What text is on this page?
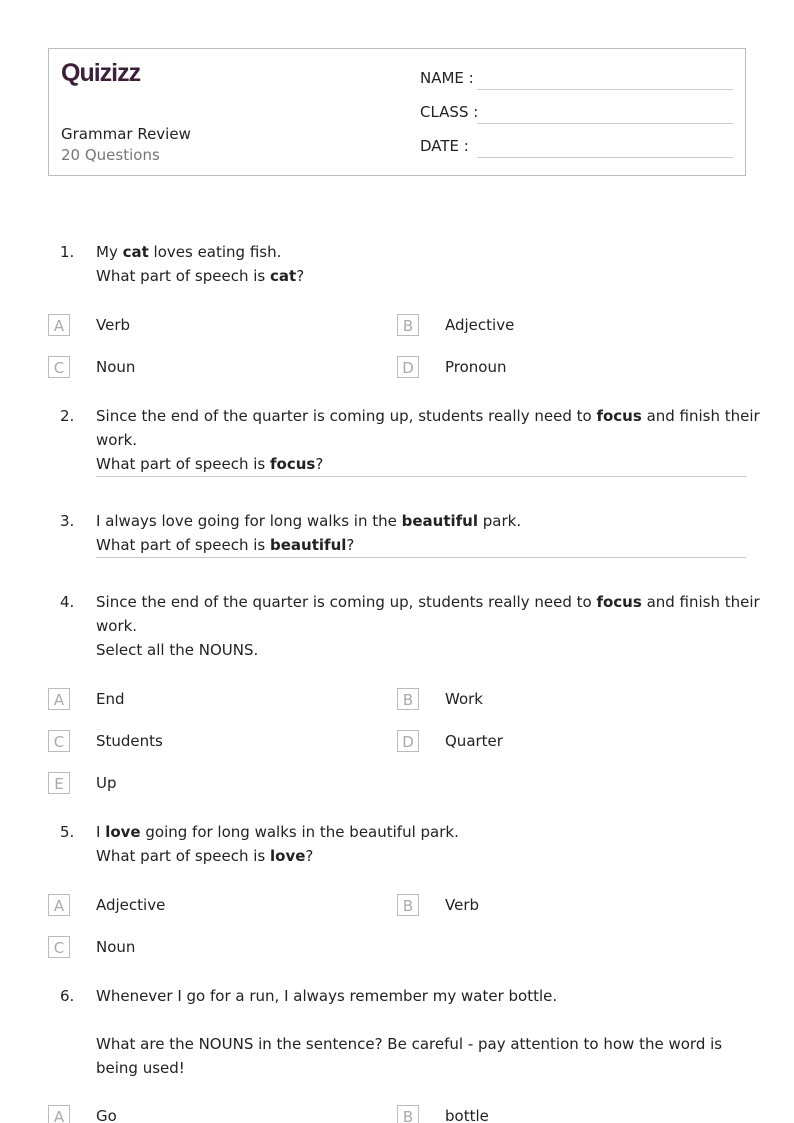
Quizizz
Grammar Review
20 Questions
NAME :
CLASS :
DATE :
1. My cat loves eating fish.
What part of speech is cat?
A	Verb	B	Adjective
C	Noun	D	Pronoun
2. Since the end of the quarter is coming up, students really need to focus and finish their
work.
What part of speech is focus?
3. I always love going for long walks in the beautiful park.
What part of speech is beautiful?
4. Since the end of the quarter is coming up, students really need to focus and finish their
work.
Select all the NOUNS.
A	End	B	Work
C	Students	D	Quarter
E	Up
5. I love going for long walks in the beautiful park.
What part of speech is love?
A	Adjective	B	Verb
C	Noun
6. Whenever I go for a run, I always remember my water bottle.
What are the NOUNS in the sentence? Be careful - pay attention to how the word is
being used!
A	Go	B	bottle
